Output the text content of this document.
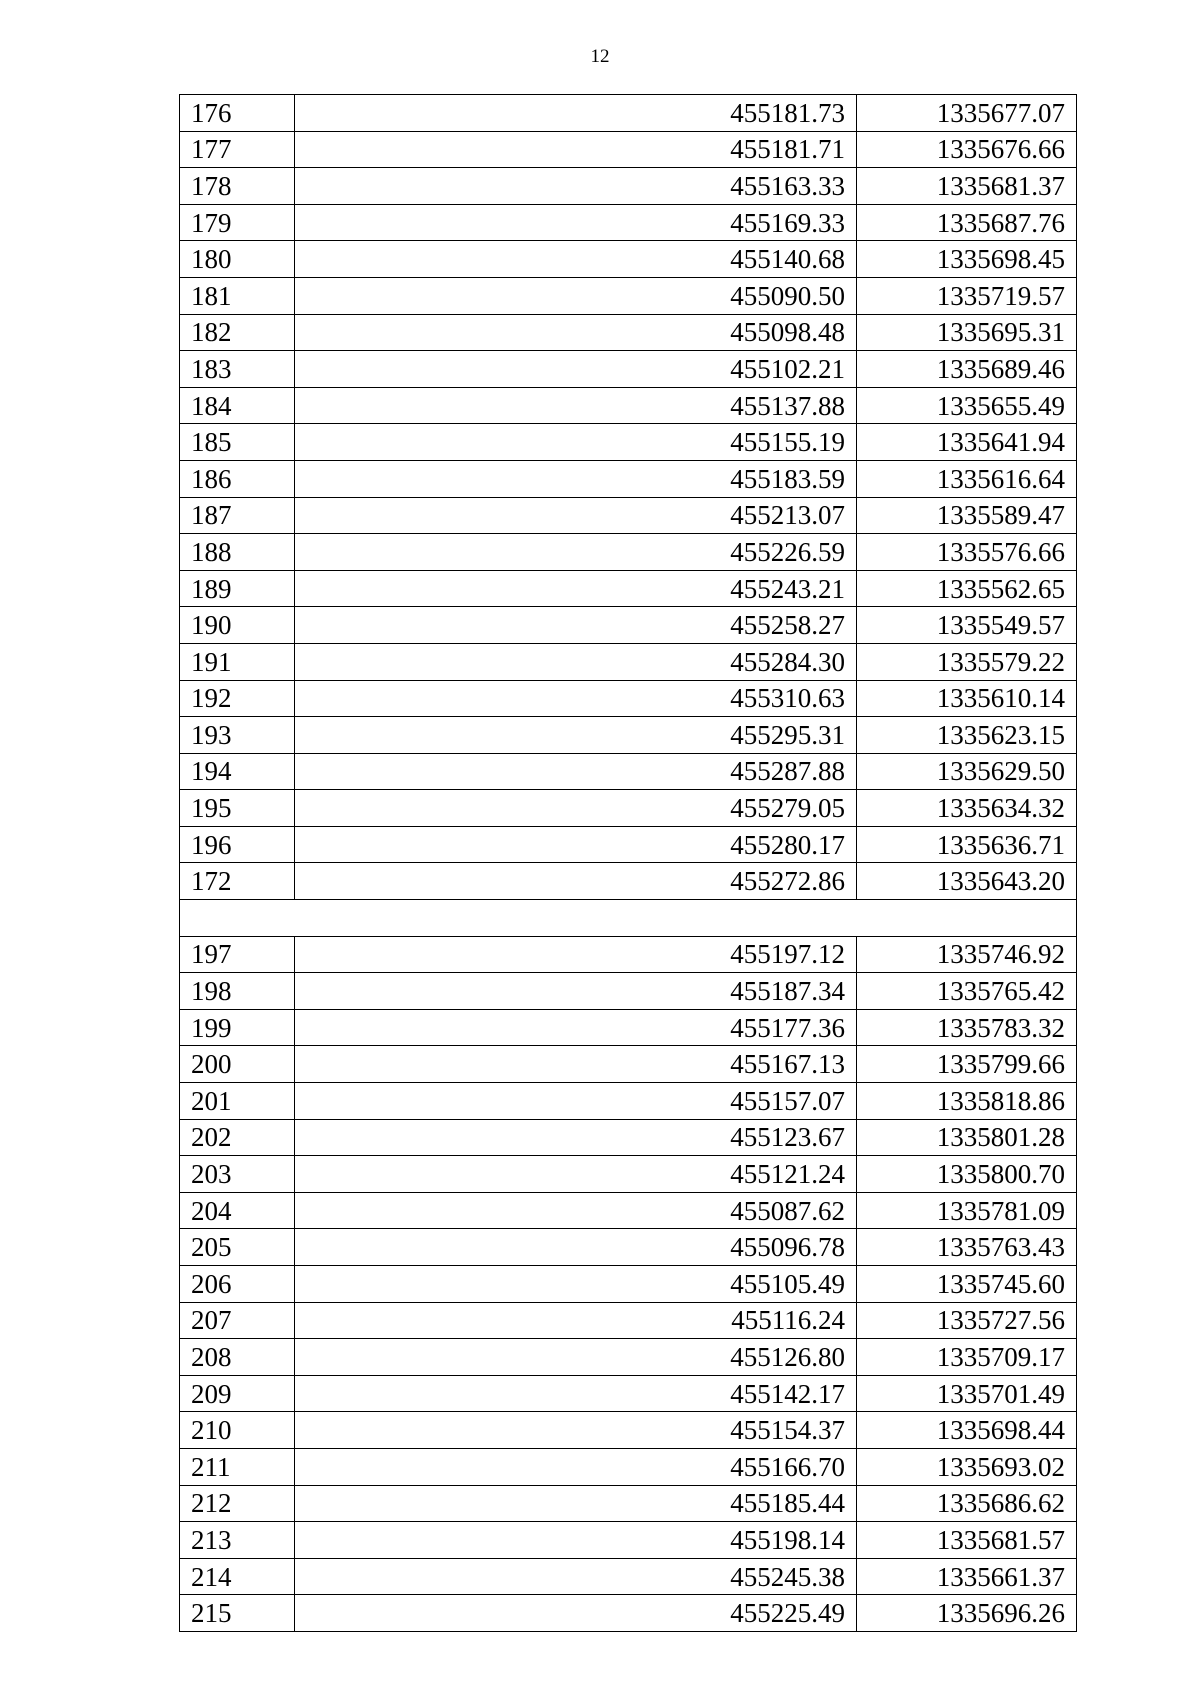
12
176	455181.73	1335677.07
177	455181.71	1335676.66
178	455163.33	1335681.37
179	455169.33	1335687.76
180	455140.68	1335698.45
181	455090.50	1335719.57
182	455098.48	1335695.31
183	455102.21	1335689.46
184	455137.88	1335655.49
185	455155.19	1335641.94
186	455183.59	1335616.64
187	455213.07	1335589.47
188	455226.59	1335576.66
189	455243.21	1335562.65
190	455258.27	1335549.57
191	455284.30	1335579.22
192	455310.63	1335610.14
193	455295.31	1335623.15
194	455287.88	1335629.50
195	455279.05	1335634.32
196	455280.17	1335636.71
172	455272.86	1335643.20

197	455197.12	1335746.92
198	455187.34	1335765.42
199	455177.36	1335783.32
200	455167.13	1335799.66
201	455157.07	1335818.86
202	455123.67	1335801.28
203	455121.24	1335800.70
204	455087.62	1335781.09
205	455096.78	1335763.43
206	455105.49	1335745.60
207	455116.24	1335727.56
208	455126.80	1335709.17
209	455142.17	1335701.49
210	455154.37	1335698.44
211	455166.70	1335693.02
212	455185.44	1335686.62
213	455198.14	1335681.57
214	455245.38	1335661.37
215	455225.49	1335696.26
